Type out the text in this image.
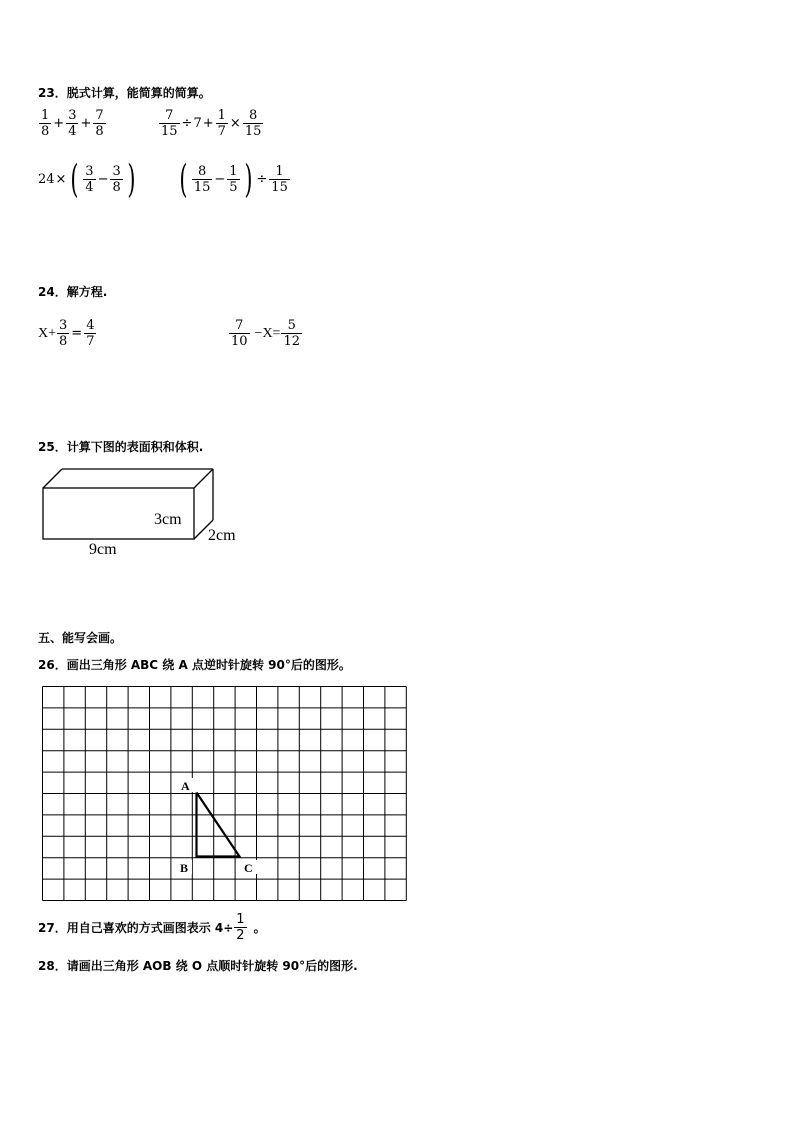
23．脱式计算，能简算的简算。
1
8
+ $\frac{3}{4} + \frac{7}{8}$	$\frac{7}{15} \div 7 + \frac{1}{7} \times \frac{8}{15}$
24 × ( 3
4
− $\frac{3}{8}$ ) ( 8
15
− $\frac{1}{5}$ ) ÷ $\frac{1}{15}$
24．解方程.
$X+ \frac{3}{8} = \frac{4}{7}$	7
10
$-X= \frac{5}{12}$
25．计算下图的表面积和体积.
3cm
2cm
9cm
五、能写会画。
26．画出三角形 ABC 绕 A 点逆时针旋转 90°后的图形。
A
B	C
27．用自己喜欢的方式画图表示 $4\div \frac{1}{2}$ 。
28．请画出三角形 AOB 绕 O 点顺时针旋转 90°后的图形.
